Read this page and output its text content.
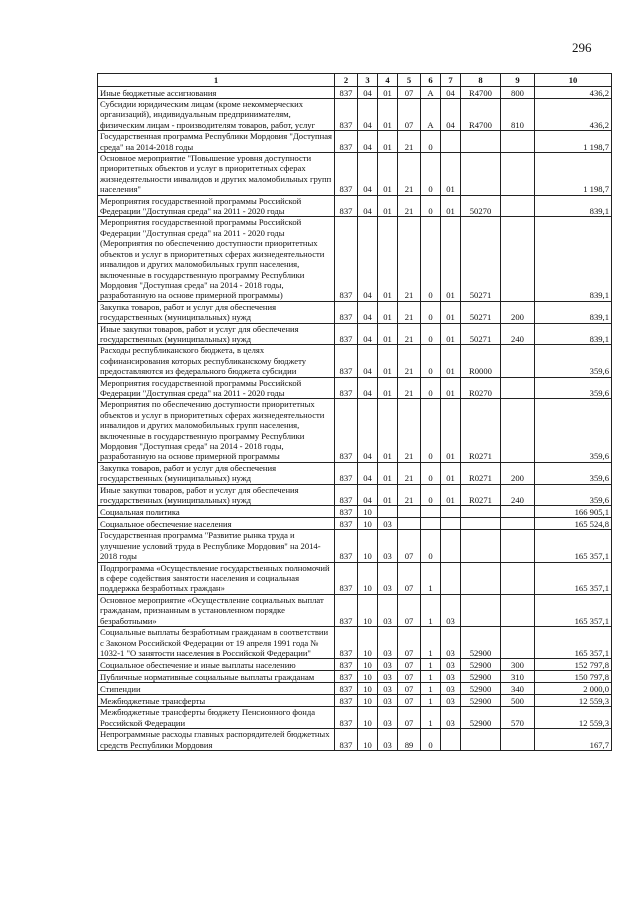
296
1	2	3	4	5	6	7	8	9	10
Иные бюджетные ассигнования	837	04	01	07	А	04	R4700	800	436,2
Субсидии юридическим лицам (кроме некоммерческих организаций), индивидуальным предпринимателям, физическим лицам - производителям товаров, работ, услуг	837	04	01	07	А	04	R4700	810	436,2
Государственная программа Республики Мордовия "Доступная среда" на 2014-2018 годы	837	04	01	21	0				1 198,7
Основное мероприятие "Повышение уровня доступности приоритетных объектов и услуг в приоритетных сферах жизнедеятельности инвалидов и других маломобильных групп населения"	837	04	01	21	0	01			1 198,7
Мероприятия государственной программы Российской Федерации "Доступная среда" на 2011 - 2020 годы	837	04	01	21	0	01	50270		839,1
Мероприятия государственной программы Российской Федерации "Доступная среда" на 2011 - 2020 годы (Мероприятия по обеспечению доступности приоритетных объектов и услуг в приоритетных сферах жизнедеятельности инвалидов и других маломобильных групп населения, включенные в государственную программу Республики Мордовия "Доступная среда" на 2014 - 2018 годы, разработанную на основе примерной программы)	837	04	01	21	0	01	50271		839,1
Закупка товаров, работ и услуг для обеспечения государственных (муниципальных) нужд	837	04	01	21	0	01	50271	200	839,1
Иные закупки товаров, работ и услуг для обеспечения государственных (муниципальных) нужд	837	04	01	21	0	01	50271	240	839,1
Расходы республиканского бюджета, в целях софинансирования которых республиканскому бюджету предоставляются из федерального бюджета субсидии	837	04	01	21	0	01	R0000		359,6
Мероприятия государственной программы Российской Федерации "Доступная среда" на 2011 - 2020 годы	837	04	01	21	0	01	R0270		359,6
Мероприятия по обеспечению доступности приоритетных объектов и услуг в приоритетных сферах жизнедеятельности инвалидов и других маломобильных групп населения, включенные в государственную программу Республики Мордовия "Доступная среда" на 2014 - 2018 годы, разработанную на основе примерной программы	837	04	01	21	0	01	R0271		359,6
Закупка товаров, работ и услуг для обеспечения государственных (муниципальных) нужд	837	04	01	21	0	01	R0271	200	359,6
Иные закупки товаров, работ и услуг для обеспечения государственных (муниципальных) нужд	837	04	01	21	0	01	R0271	240	359,6
Социальная политика	837	10							166 905,1
Социальное обеспечение населения	837	10	03						165 524,8
Государственная программа "Развитие рынка труда и улучшение условий труда в Республике Мордовия" на 2014-2018 годы	837	10	03	07	0				165 357,1
Подпрограмма «Осуществление государственных полномочий в сфере содействия занятости населения и социальная поддержка безработных граждан»	837	10	03	07	1				165 357,1
Основное мероприятие «Осуществление социальных выплат гражданам, признанным в установленном порядке безработными»	837	10	03	07	1	03			165 357,1
Социальные выплаты безработным гражданам в соответствии с Законом Российской Федерации от 19 апреля 1991 года № 1032-1 "О занятости населения в Российской Федерации"	837	10	03	07	1	03	52900		165 357,1
Социальное обеспечение и иные выплаты населению	837	10	03	07	1	03	52900	300	152 797,8
Публичные нормативные социальные выплаты гражданам	837	10	03	07	1	03	52900	310	150 797,8
Стипендии	837	10	03	07	1	03	52900	340	2 000,0
Межбюджетные трансферты	837	10	03	07	1	03	52900	500	12 559,3
Межбюджетные трансферты бюджету Пенсионного фонда Российской Федерации	837	10	03	07	1	03	52900	570	12 559,3
Непрограммные расходы главных распорядителей бюджетных средств Республики Мордовия	837	10	03	89	0				167,7
